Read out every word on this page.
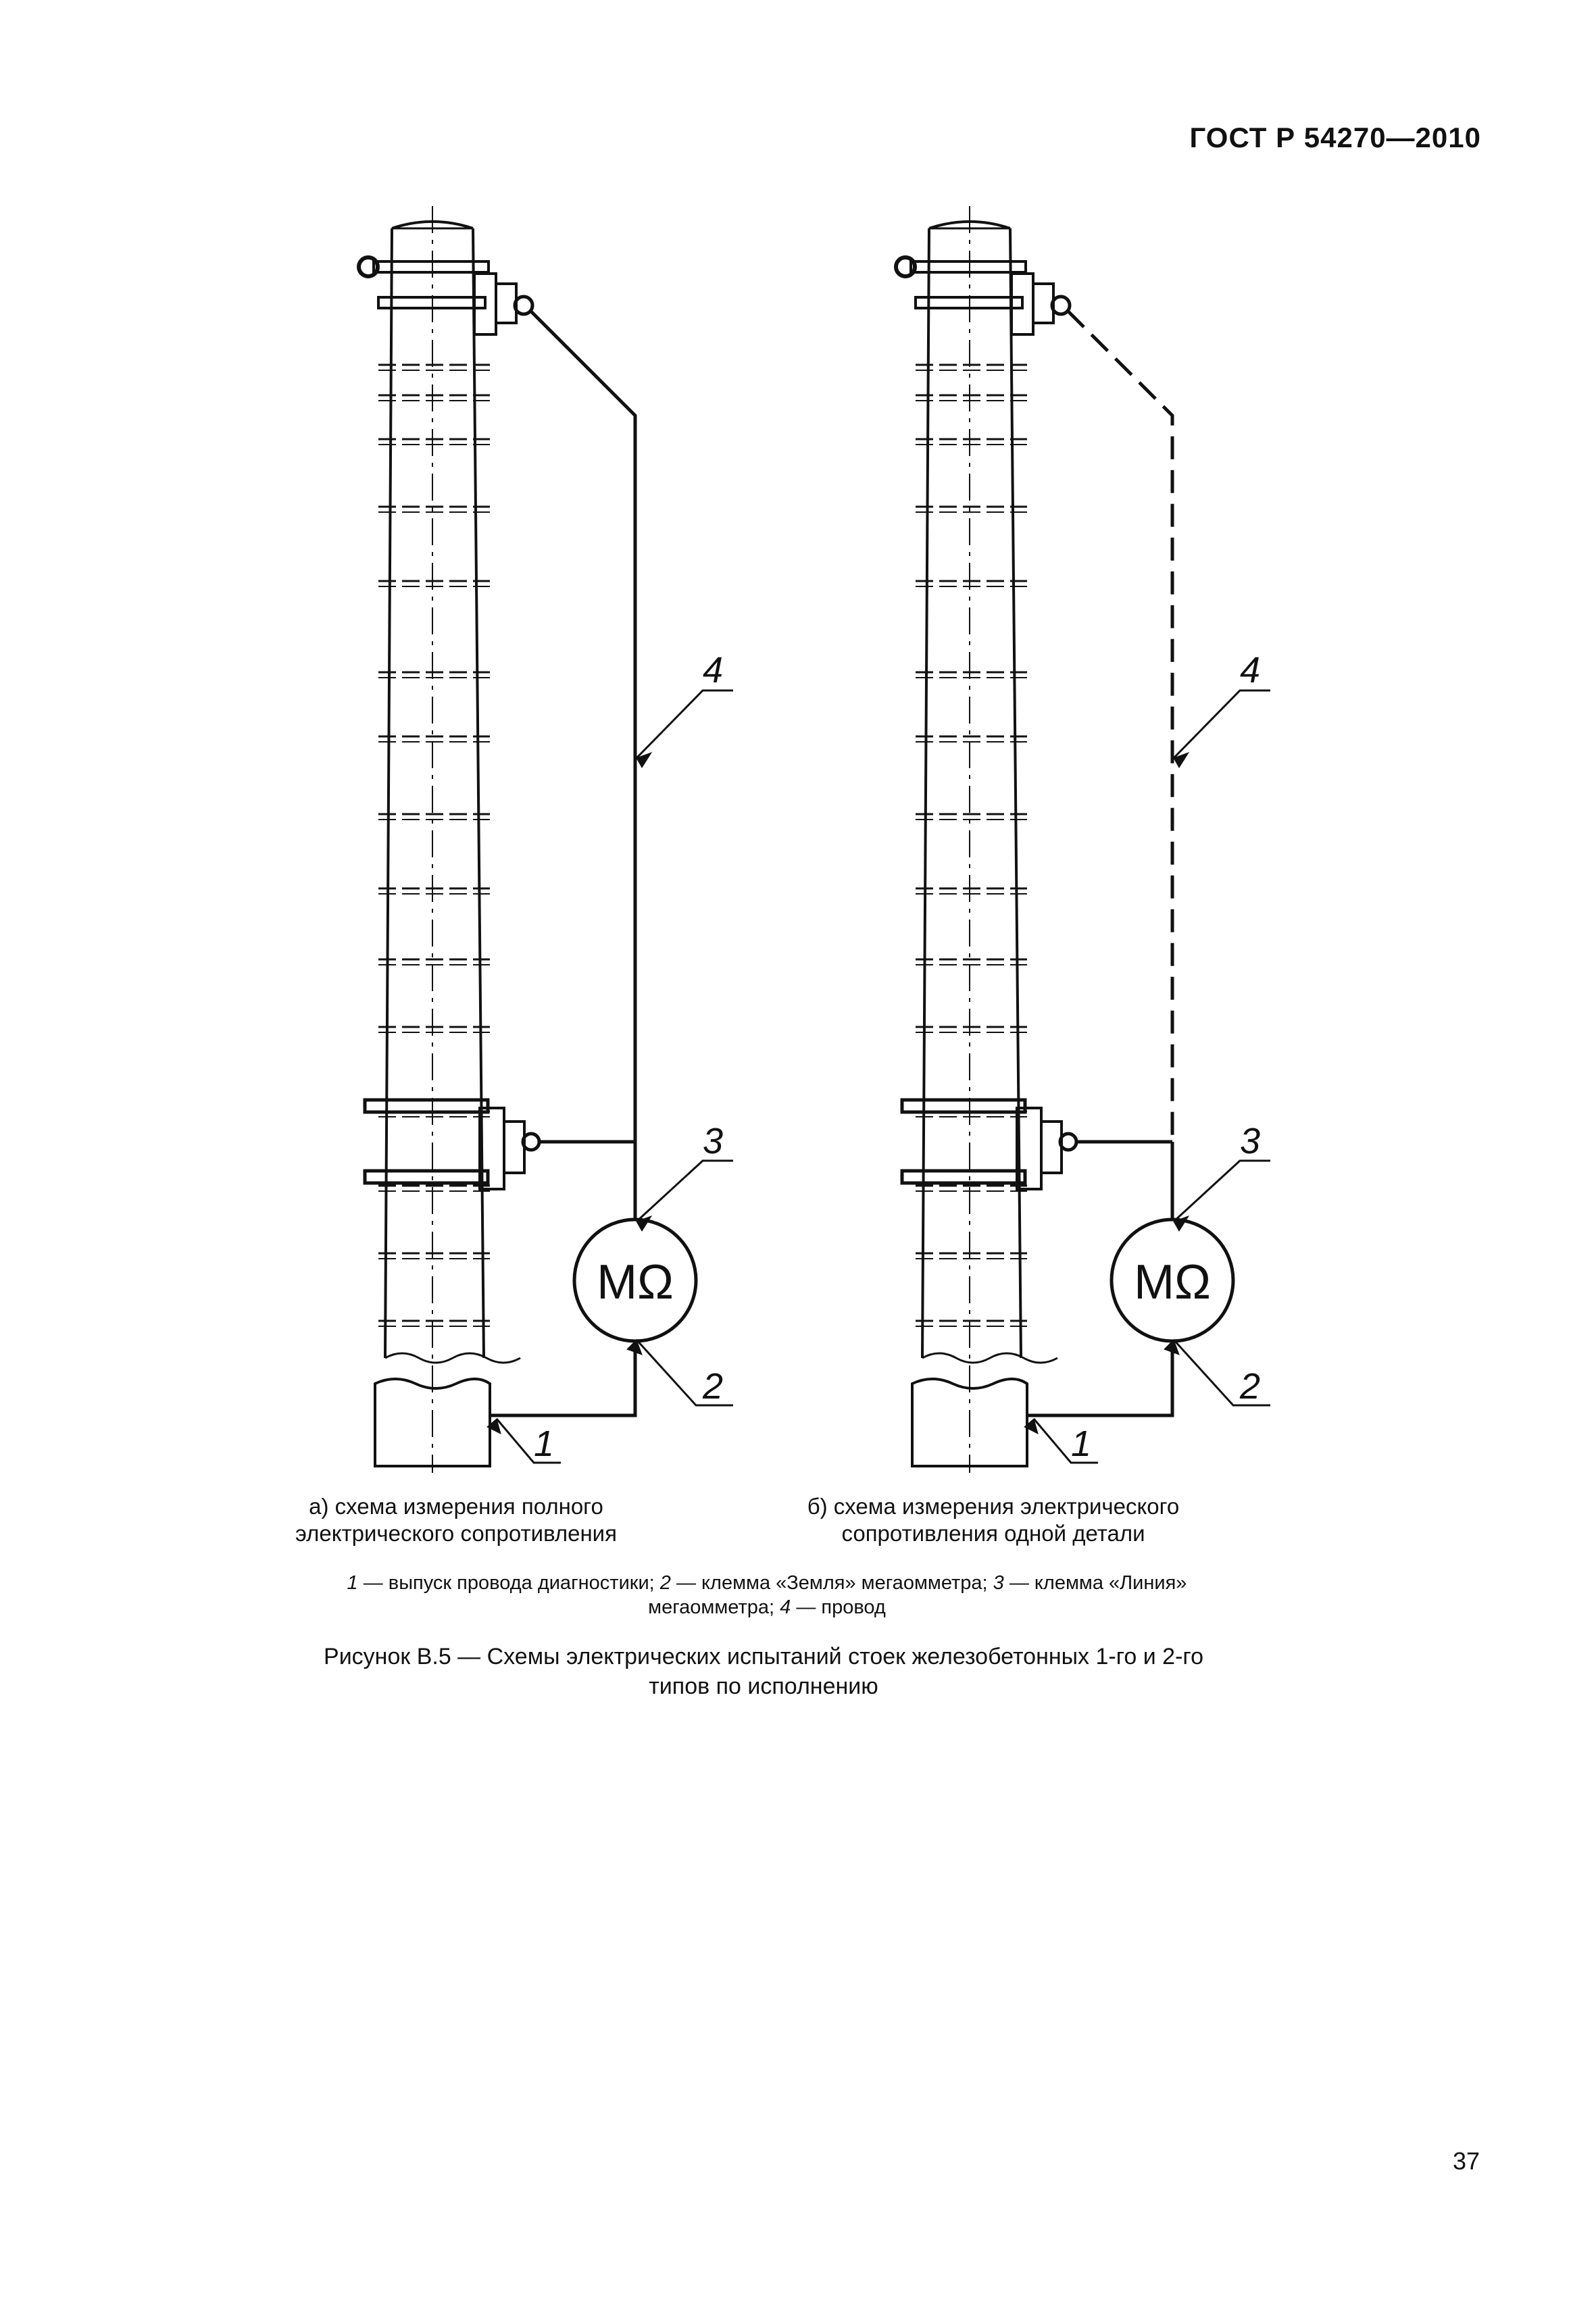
ГОСТ Р 54270—2010
MΩ
4
3
2
1
MΩ
4
3
2
1
а) схема измерения полного
электрического сопротивления
б) схема измерения электрического
сопротивления одной детали
1 — выпуск провода диагностики; 2 — клемма «Земля» мегаомметра; 3 — клемма «Линия»
мегаомметра; 4 — провод
Рисунок В.5 — Схемы электрических испытаний стоек железобетонных 1-го и 2-го
типов по исполнению
37
